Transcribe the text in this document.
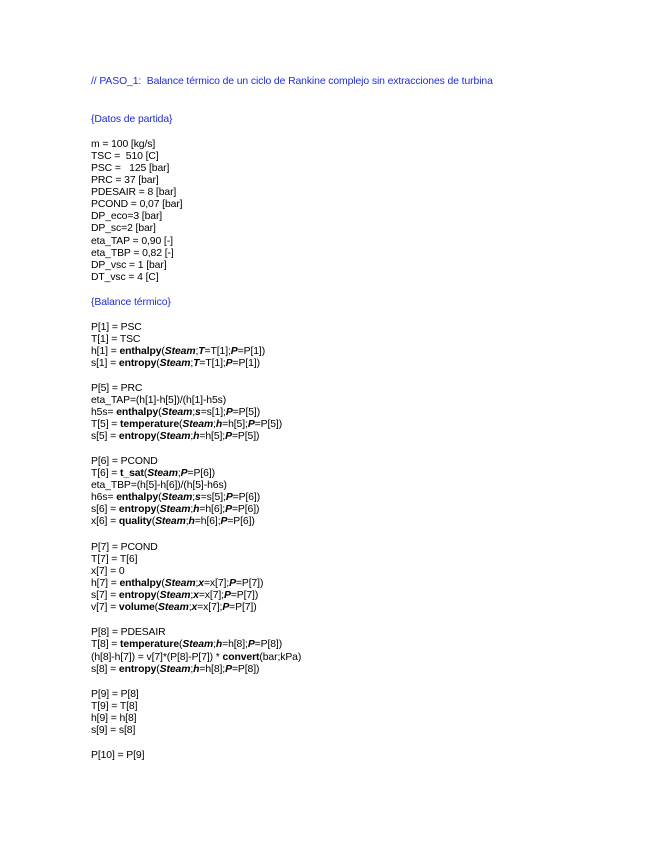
// PASO_1:  Balance térmico de un ciclo de Rankine complejo sin extracciones de turbina
{Datos de partida}
m = 100 [kg/s]
TSC =  510 [C]
PSC =   125 [bar]
PRC = 37 [bar]
PDESAIR = 8 [bar]
PCOND = 0,07 [bar]
DP_eco=3 [bar]
DP_sc=2 [bar]
eta_TAP = 0,90 [-]
eta_TBP = 0,82 [-]
DP_vsc = 1 [bar]
DT_vsc = 4 [C]
{Balance térmico}
P[1] = PSC
T[1] = TSC
h[1] = enthalpy(Steam;T=T[1];P=P[1])
s[1] = entropy(Steam;T=T[1];P=P[1])
P[5] = PRC
eta_TAP=(h[1]-h[5])/(h[1]-h5s)
h5s= enthalpy(Steam;s=s[1];P=P[5])
T[5] = temperature(Steam;h=h[5];P=P[5])
s[5] = entropy(Steam;h=h[5];P=P[5])
P[6] = PCOND
T[6] = t_sat(Steam;P=P[6])
eta_TBP=(h[5]-h[6])/(h[5]-h6s)
h6s= enthalpy(Steam;s=s[5];P=P[6])
s[6] = entropy(Steam;h=h[6];P=P[6])
x[6] = quality(Steam;h=h[6];P=P[6])
P[7] = PCOND
T[7] = T[6]
x[7] = 0
h[7] = enthalpy(Steam;x=x[7];P=P[7])
s[7] = entropy(Steam;x=x[7];P=P[7])
v[7] = volume(Steam;x=x[7];P=P[7])
P[8] = PDESAIR
T[8] = temperature(Steam;h=h[8];P=P[8])
(h[8]-h[7]) = v[7]*(P[8]-P[7]) * convert(bar;kPa)
s[8] = entropy(Steam;h=h[8];P=P[8])
P[9] = P[8]
T[9] = T[8]
h[9] = h[8]
s[9] = s[8]
P[10] = P[9]
